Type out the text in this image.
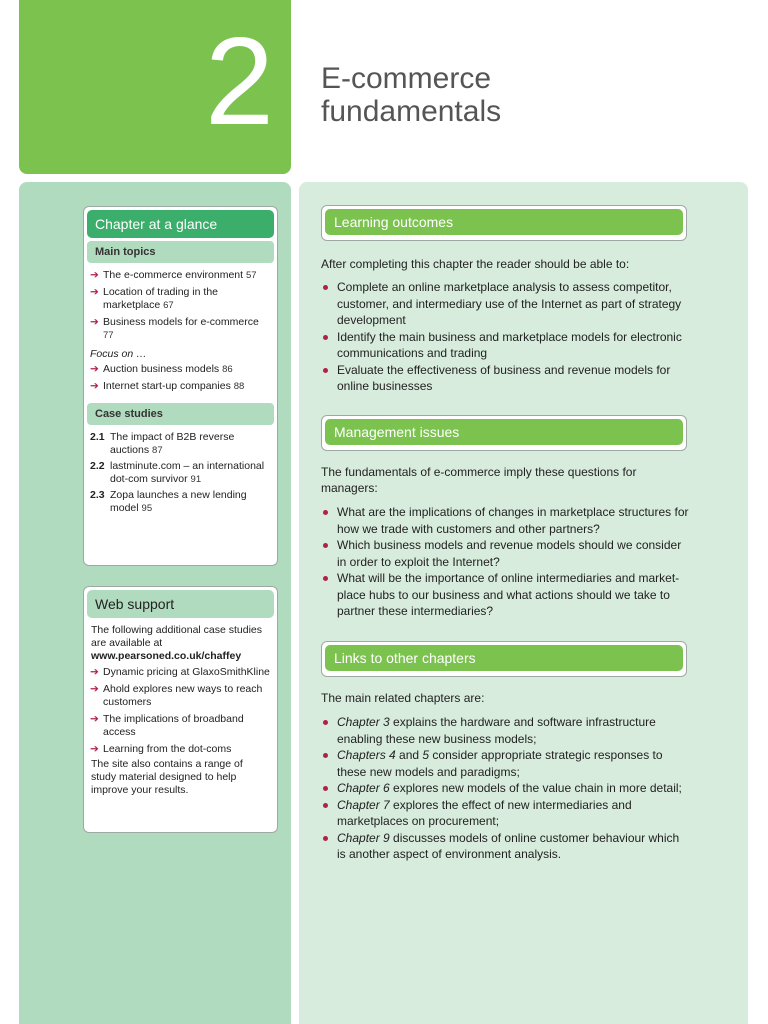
2 E-commerce
fundamentals
Chapter at a glance
Main topics
➔ The e-commerce environment 57
➔ Location of trading in the marketplace 67
➔ Business models for e-commerce 77
Focus on …
➔ Auction business models 86
➔ Internet start-up companies 88
Case studies
2.1 The impact of B2B reverse auctions 87
2.2 lastminute.com – an international dot-com survivor 91
2.3 Zopa launches a new lending model 95
Web support
The following additional case studies are available at
www.pearsoned.co.uk/chaffey
➔ Dynamic pricing at GlaxoSmithKline
➔ Ahold explores new ways to reach customers
➔ The implications of broadband access
➔ Learning from the dot-coms
The site also contains a range of study material designed to help improve your results.
Learning outcomes

After completing this chapter the reader should be able to:

Complete an online marketplace analysis to assess competitor, customer, and intermediary use of the Internet as part of strategy development
Identify the main business and marketplace models for electronic communications and trading
Evaluate the effectiveness of business and revenue models for online businesses
Management issues

The fundamentals of e-commerce imply these questions for managers:

What are the implications of changes in marketplace structures for how we trade with customers and other partners?
Which business models and revenue models should we consider in order to exploit the Internet?
What will be the importance of online intermediaries and market-place hubs to our business and what actions should we take to partner these intermediaries?
Links to other chapters

The main related chapters are:

Chapter 3 explains the hardware and software infrastructure enabling these new business models;
Chapters 4 and 5 consider appropriate strategic responses to these new models and paradigms;
Chapter 6 explores new models of the value chain in more detail;
Chapter 7 explores the effect of new intermediaries and marketplaces on procurement;
Chapter 9 discusses models of online customer behaviour which is another aspect of environment analysis.
